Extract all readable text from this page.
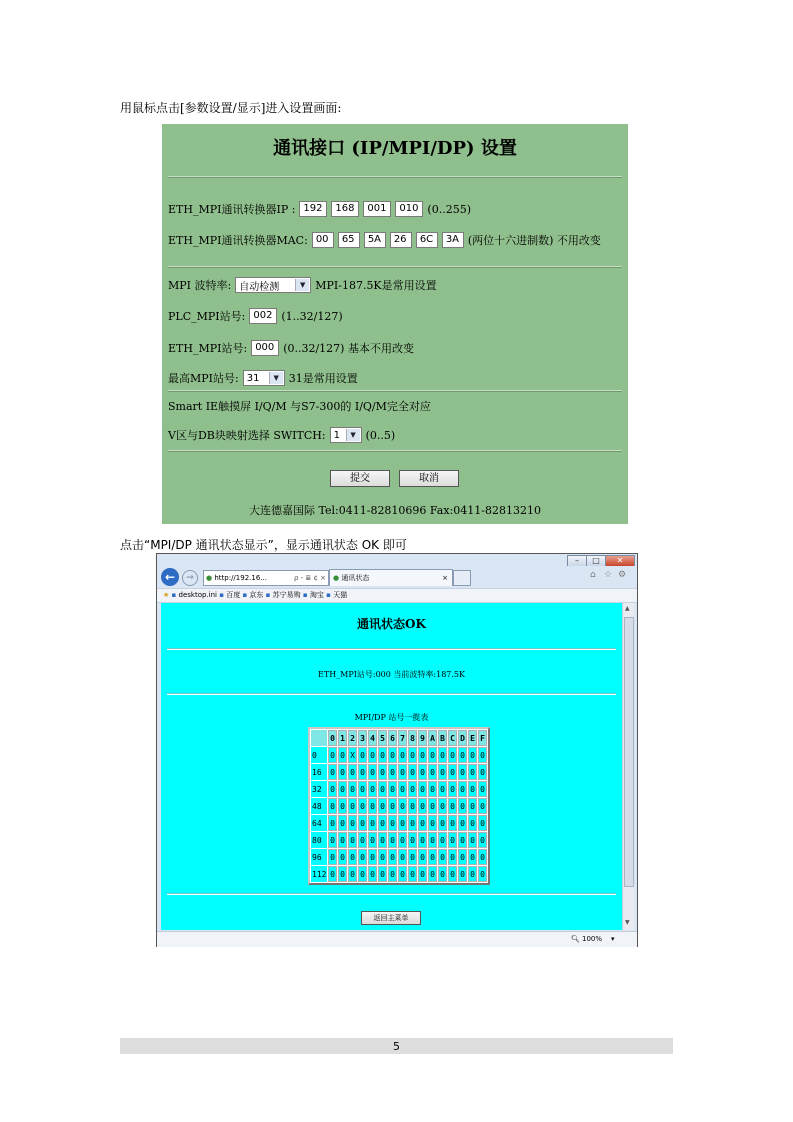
用鼠标点击[参数设置/显示]进入设置画面:
通讯接口 (IP/MPI/DP) 设置
ETH_MPI通讯转换器IP : 192	168	001	010 (0..255)
ETH_MPI通讯转换器MAC: 00	65	5A	26	6C	3A (两位十六进制数) 不用改变
MPI 波特率: 自动检测	▼ MPI-187.5K是常用设置
PLC_MPI站号: 002 (1..32/127)
ETH_MPI站号: 000 (0..32/127) 基本不用改变
最高MPI站号: 31	▼ 31是常用设置
Smart IE触摸屏 I/Q/M 与S7-300的 I/Q/M完全对应
V区与DB块映射选择 SWITCH: 1	▼ (0..5)
提交	取消
大连德嘉国际 Tel:0411-82810696 Fax:0411-82813210
点击“MPI/DP 通讯状态显示”，显示通讯状态 OK 即可
–	□	✕
←	→	● http://192.16...	ρ - ≣ ¢ ×	● 通讯状态	×	⌂ ☆ ⚙
★ ▪ desktop.ini ▪ 百度 ▪ 京东 ▪ 苏宁易购 ▪ 淘宝 ▪ 天猫
通讯状态OK
ETH_MPI站号:000 当前波特率:187.5K
MPI/DP 站号一揽表
	0	1	2	3	4	5	6	7	8	9	A	B	C	D	E	F
0	0	0	X	0	0	0	0	0	0	0	0	0	0	0	0	0
16	0	0	0	0	0	0	0	0	0	0	0	0	0	0	0	0
32	0	0	0	0	0	0	0	0	0	0	0	0	0	0	0	0
48	0	0	0	0	0	0	0	0	0	0	0	0	0	0	0	0
64	0	0	0	0	0	0	0	0	0	0	0	0	0	0	0	0
80	0	0	0	0	0	0	0	0	0	0	0	0	0	0	0	0
96	0	0	0	0	0	0	0	0	0	0	0	0	0	0	0	0
112	0	0	0	0	0	0	0	0	0	0	0	0	0	0	0	0
返回主菜单
▲
▼
🔍︎ 100% ▾
5
